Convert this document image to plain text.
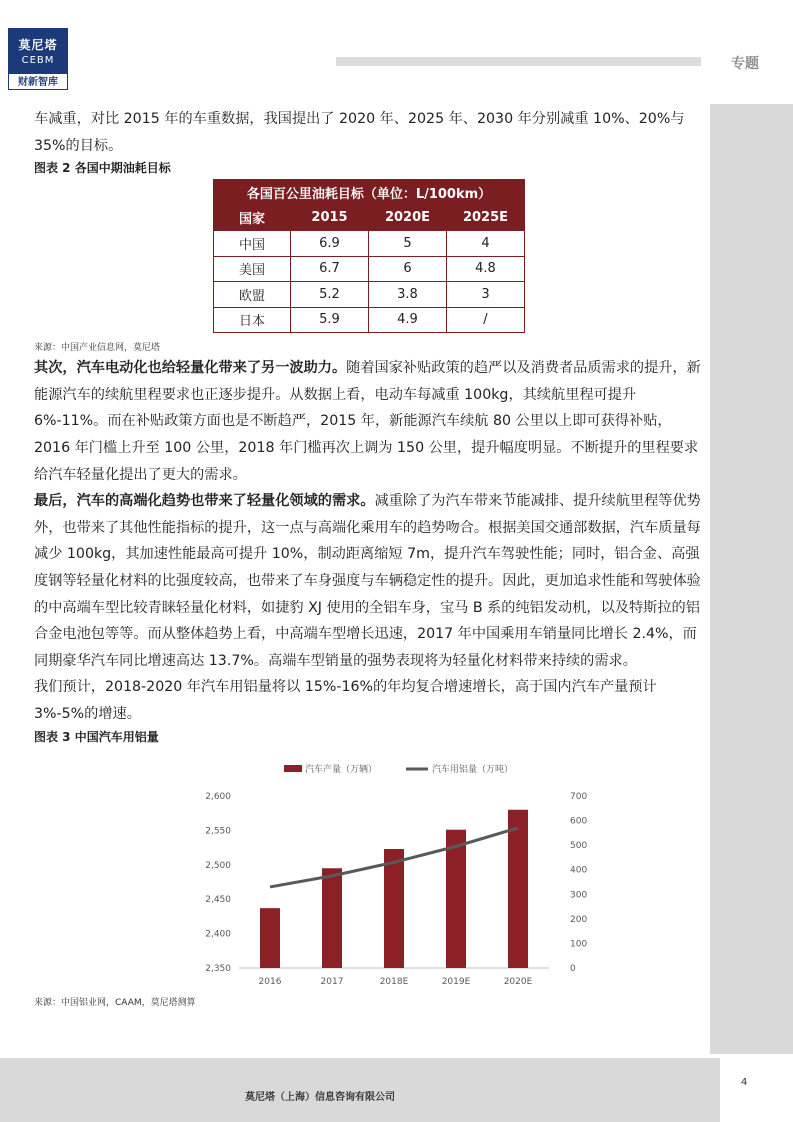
莫尼塔
CEBM
财新智库
专题

车减重，对比 2015 年的车重数据，我国提出了 2020 年、2025 年、2030 年分别减重 10%、20%与 35%的目标。

图表 2 各国中期油耗目标
各国百公里油耗目标（单位：L/100km）			
国家	2015	2020E	2025E
中国	6.9	5	4
美国	6.7	6	4.8
欧盟	5.2	3.8	3
日本	5.9	4.9	/
来源：中国产业信息网，莫尼塔

其次，汽车电动化也给轻量化带来了另一波助力。随着国家补贴政策的趋严以及消费者品质需求的提升，新能源汽车的续航里程要求也正逐步提升。从数据上看，电动车每减重 100kg，其续航里程可提升 6%-11%。而在补贴政策方面也是不断趋严，2015 年，新能源汽车续航 80 公里以上即可获得补贴，2016 年门槛上升至 100 公里，2018 年门槛再次上调为 150 公里，提升幅度明显。不断提升的里程要求给汽车轻量化提出了更大的需求。

最后，汽车的高端化趋势也带来了轻量化领域的需求。减重除了为汽车带来节能减排、提升续航里程等优势外，也带来了其他性能指标的提升，这一点与高端化乘用车的趋势吻合。根据美国交通部数据，汽车质量每减少 100kg，其加速性能最高可提升 10%，制动距离缩短 7m，提升汽车驾驶性能；同时，铝合金、高强度钢等轻量化材料的比强度较高，也带来了车身强度与车辆稳定性的提升。因此，更加追求性能和驾驶体验的中高端车型比较青睐轻量化材料，如捷豹 XJ 使用的全铝车身，宝马 B 系的纯铝发动机，以及特斯拉的铝合金电池包等等。而从整体趋势上看，中高端车型增长迅速，2017 年中国乘用车销量同比增长 2.4%，而同期豪华汽车同比增速高达 13.7%。高端车型销量的强势表现将为轻量化材料带来持续的需求。

我们预计，2018-2020 年汽车用铝量将以 15%-16%的年均复合增速增长，高于国内汽车产量预计 3%-5%的增速。

图表 3 中国汽车用铝量
2,350
2,400
2,450
2,500
2,550
2,600
0
100
200
300
400
500
600
700
2016	2017	2018E	2019E	2020E
汽车产量（万辆）	汽车用铝量（万吨）
来源：中国铝业网，CAAM，莫尼塔测算
莫尼塔（上海）信息咨询有限公司
4
